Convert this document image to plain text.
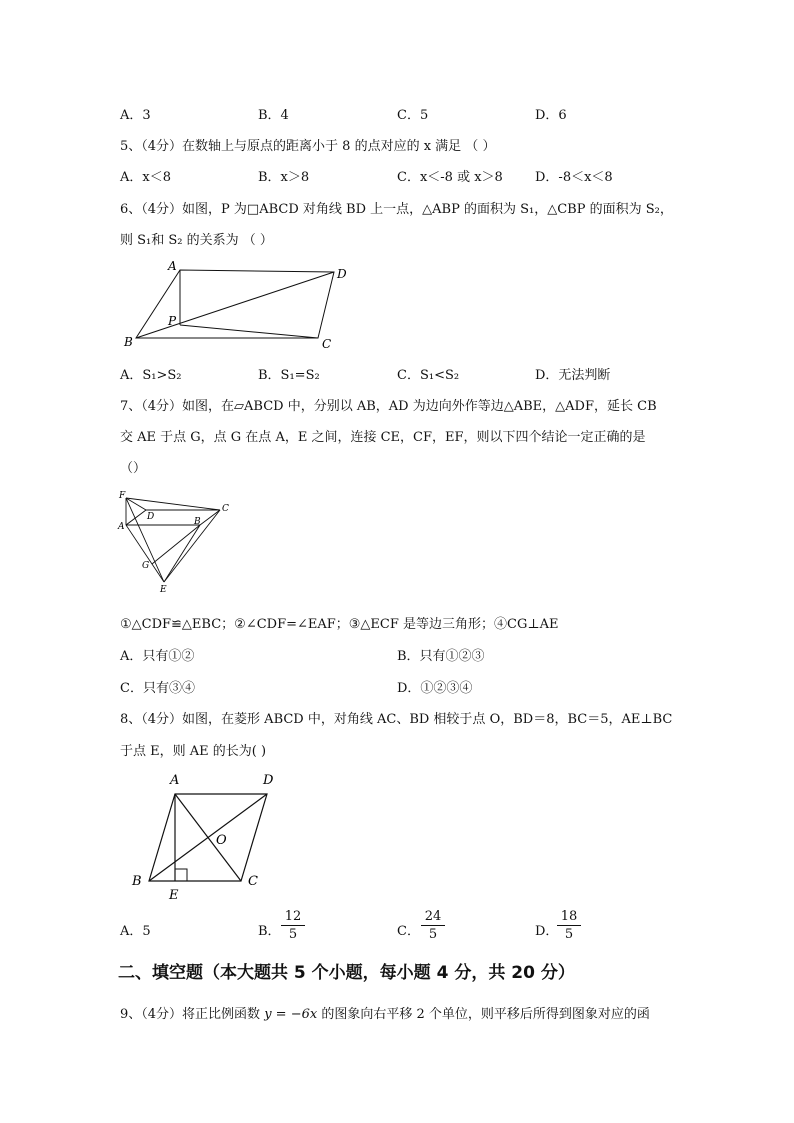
A．3	B．4	C．5	D．6
5、（4分）在数轴上与原点的距离小于 8 的点对应的 x 满足 （ ）
A．x＜8	B．x＞8	C．x＜-8 或 x＞8 D．-8＜x＜8
6、（4分）如图，P 为□ABCD 对角线 BD 上一点，△ABP 的面积为 S₁，△CBP 的面积为 S₂，
则 S₁和 S₂ 的关系为 （ ）
A
D
C
B
P
A．S₁>S₂	B．S₁=S₂	C．S₁<S₂	D．无法判断
7、（4分）如图，在▱ABCD 中，分别以 AB，AD 为边向外作等边△ABE，△ADF，延长 CB
交 AE 于点 G，点 G 在点 A，E 之间，连接 CE，CF，EF，则以下四个结论一定正确的是
（）
F
D
C
A	B
G
E
①△CDF≌△EBC；②∠CDF=∠EAF；③△ECF 是等边三角形；④CG⊥AE
A．只有①②	B．只有①②③
C．只有③④	D．①②③④
8、（4分）如图，在菱形 ABCD 中，对角线 AC、BD 相较于点 O，BD＝8，BC＝5，AE⊥BC
于点 E，则 AE 的长为( )
A	D
O
B
E
C
A．5	B． $\frac{12}{5}$	C． $\frac{24}{5}$	D．
$\frac{18}{5}$
二、填空题（本大题共 5 个小题，每小题 4 分，共 20 分）
9、（4分）将正比例函数 y = −6x 的图象向右平移 2 个单位，则平移后所得到图象对应的函
